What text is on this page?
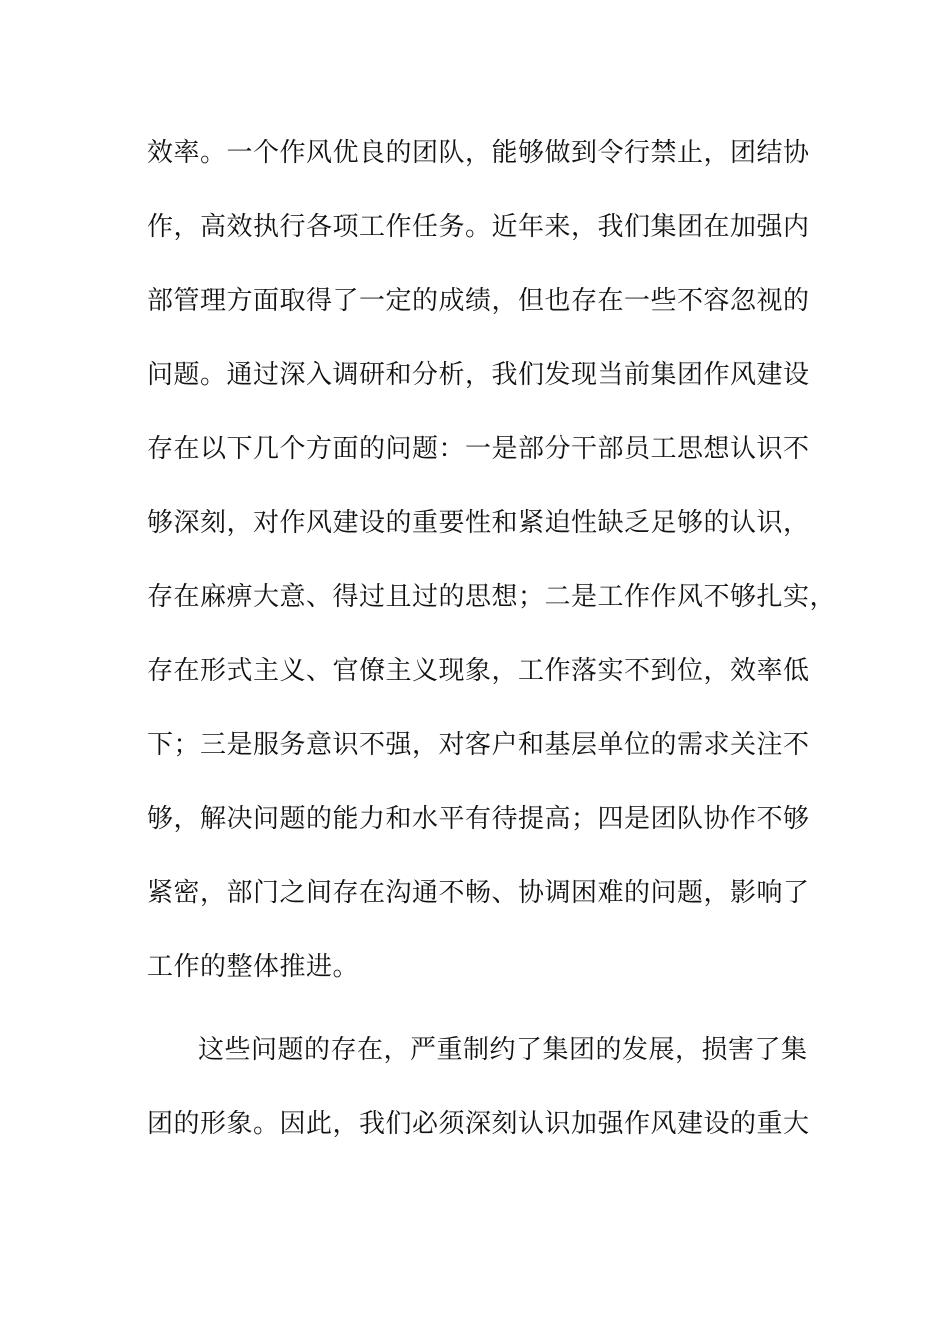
效率。一个作风优良的团队，能够做到令行禁止，团结协

作，高效执行各项工作任务。近年来，我们集团在加强内

部管理方面取得了一定的成绩，但也存在一些不容忽视的

问题。通过深入调研和分析，我们发现当前集团作风建设

存在以下几个方面的问题：一是部分干部员工思想认识不

够深刻，对作风建设的重要性和紧迫性缺乏足够的认识，

存在麻痹大意、得过且过的思想；二是工作作风不够扎实，

存在形式主义、官僚主义现象，工作落实不到位，效率低

下；三是服务意识不强，对客户和基层单位的需求关注不

够，解决问题的能力和水平有待提高；四是团队协作不够

紧密，部门之间存在沟通不畅、协调困难的问题，影响了

工作的整体推进。

这些问题的存在，严重制约了集团的发展，损害了集

团的形象。因此，我们必须深刻认识加强作风建设的重大
